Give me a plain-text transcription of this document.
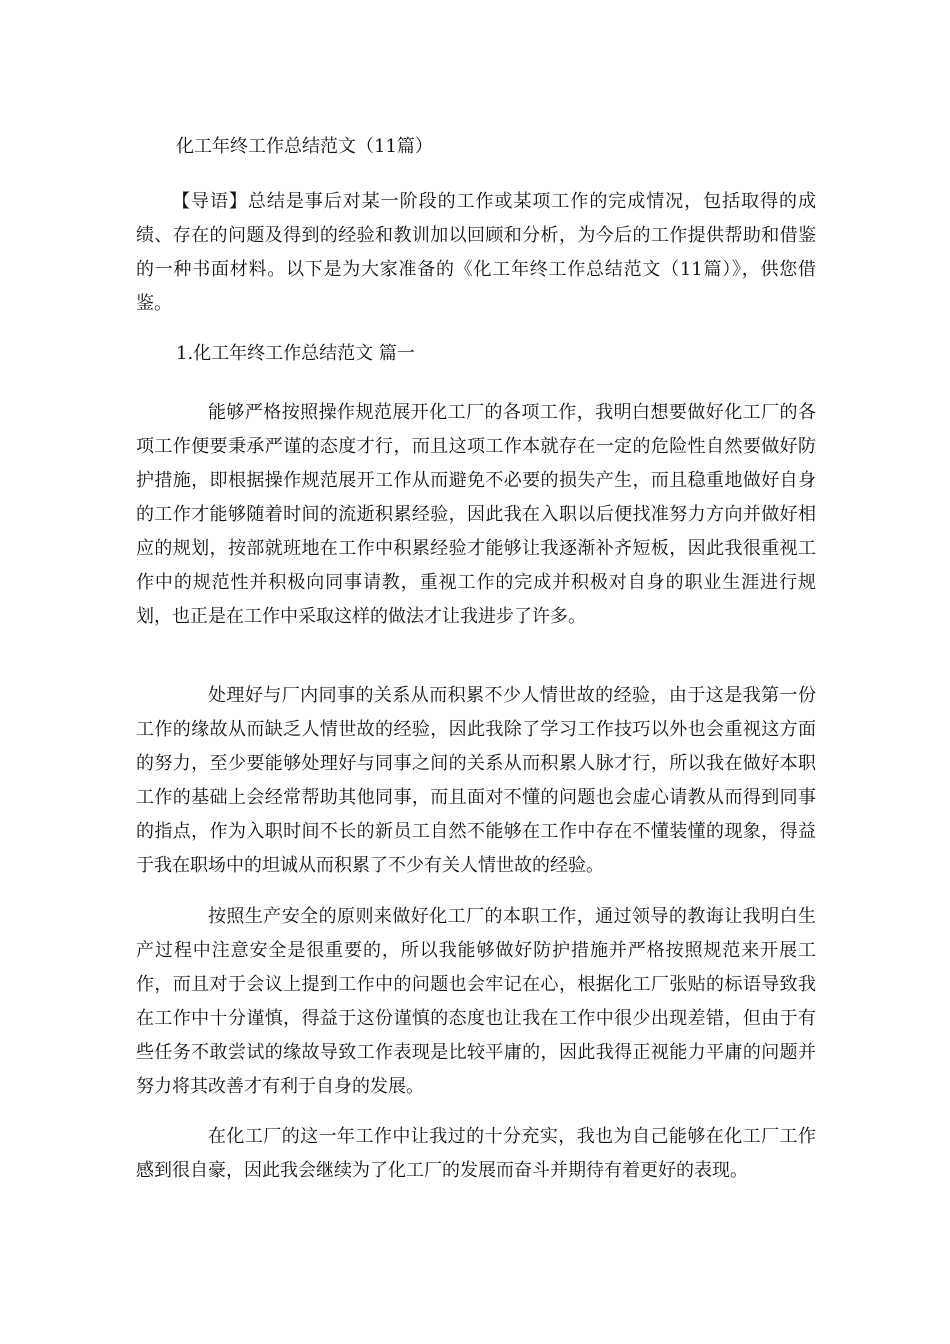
化工年终工作总结范文（11篇）

【导语】总结是事后对某一阶段的工作或某项工作的完成情况，包括取得的成绩、存在的问题及得到的经验和教训加以回顾和分析，为今后的工作提供帮助和借鉴的一种书面材料。以下是为大家准备的《化工年终工作总结范文（11篇）》，供您借鉴。

1.化工年终工作总结范文 篇一

能够严格按照操作规范展开化工厂的各项工作，我明白想要做好化工厂的各项工作便要秉承严谨的态度才行，而且这项工作本就存在一定的危险性自然要做好防护措施，即根据操作规范展开工作从而避免不必要的损失产生，而且稳重地做好自身的工作才能够随着时间的流逝积累经验，因此我在入职以后便找准努力方向并做好相应的规划，按部就班地在工作中积累经验才能够让我逐渐补齐短板，因此我很重视工作中的规范性并积极向同事请教，重视工作的完成并积极对自身的职业生涯进行规划，也正是在工作中采取这样的做法才让我进步了许多。

处理好与厂内同事的关系从而积累不少人情世故的经验，由于这是我第一份工作的缘故从而缺乏人情世故的经验，因此我除了学习工作技巧以外也会重视这方面的努力，至少要能够处理好与同事之间的关系从而积累人脉才行，所以我在做好本职工作的基础上会经常帮助其他同事，而且面对不懂的问题也会虚心请教从而得到同事的指点，作为入职时间不长的新员工自然不能够在工作中存在不懂装懂的现象，得益于我在职场中的坦诚从而积累了不少有关人情世故的经验。

按照生产安全的原则来做好化工厂的本职工作，通过领导的教诲让我明白生产过程中注意安全是很重要的，所以我能够做好防护措施并严格按照规范来开展工作，而且对于会议上提到工作中的问题也会牢记在心，根据化工厂张贴的标语导致我在工作中十分谨慎，得益于这份谨慎的态度也让我在工作中很少出现差错，但由于有些任务不敢尝试的缘故导致工作表现是比较平庸的，因此我得正视能力平庸的问题并努力将其改善才有利于自身的发展。

在化工厂的这一年工作中让我过的十分充实，我也为自己能够在化工厂工作感到很自豪，因此我会继续为了化工厂的发展而奋斗并期待有着更好的表现。
